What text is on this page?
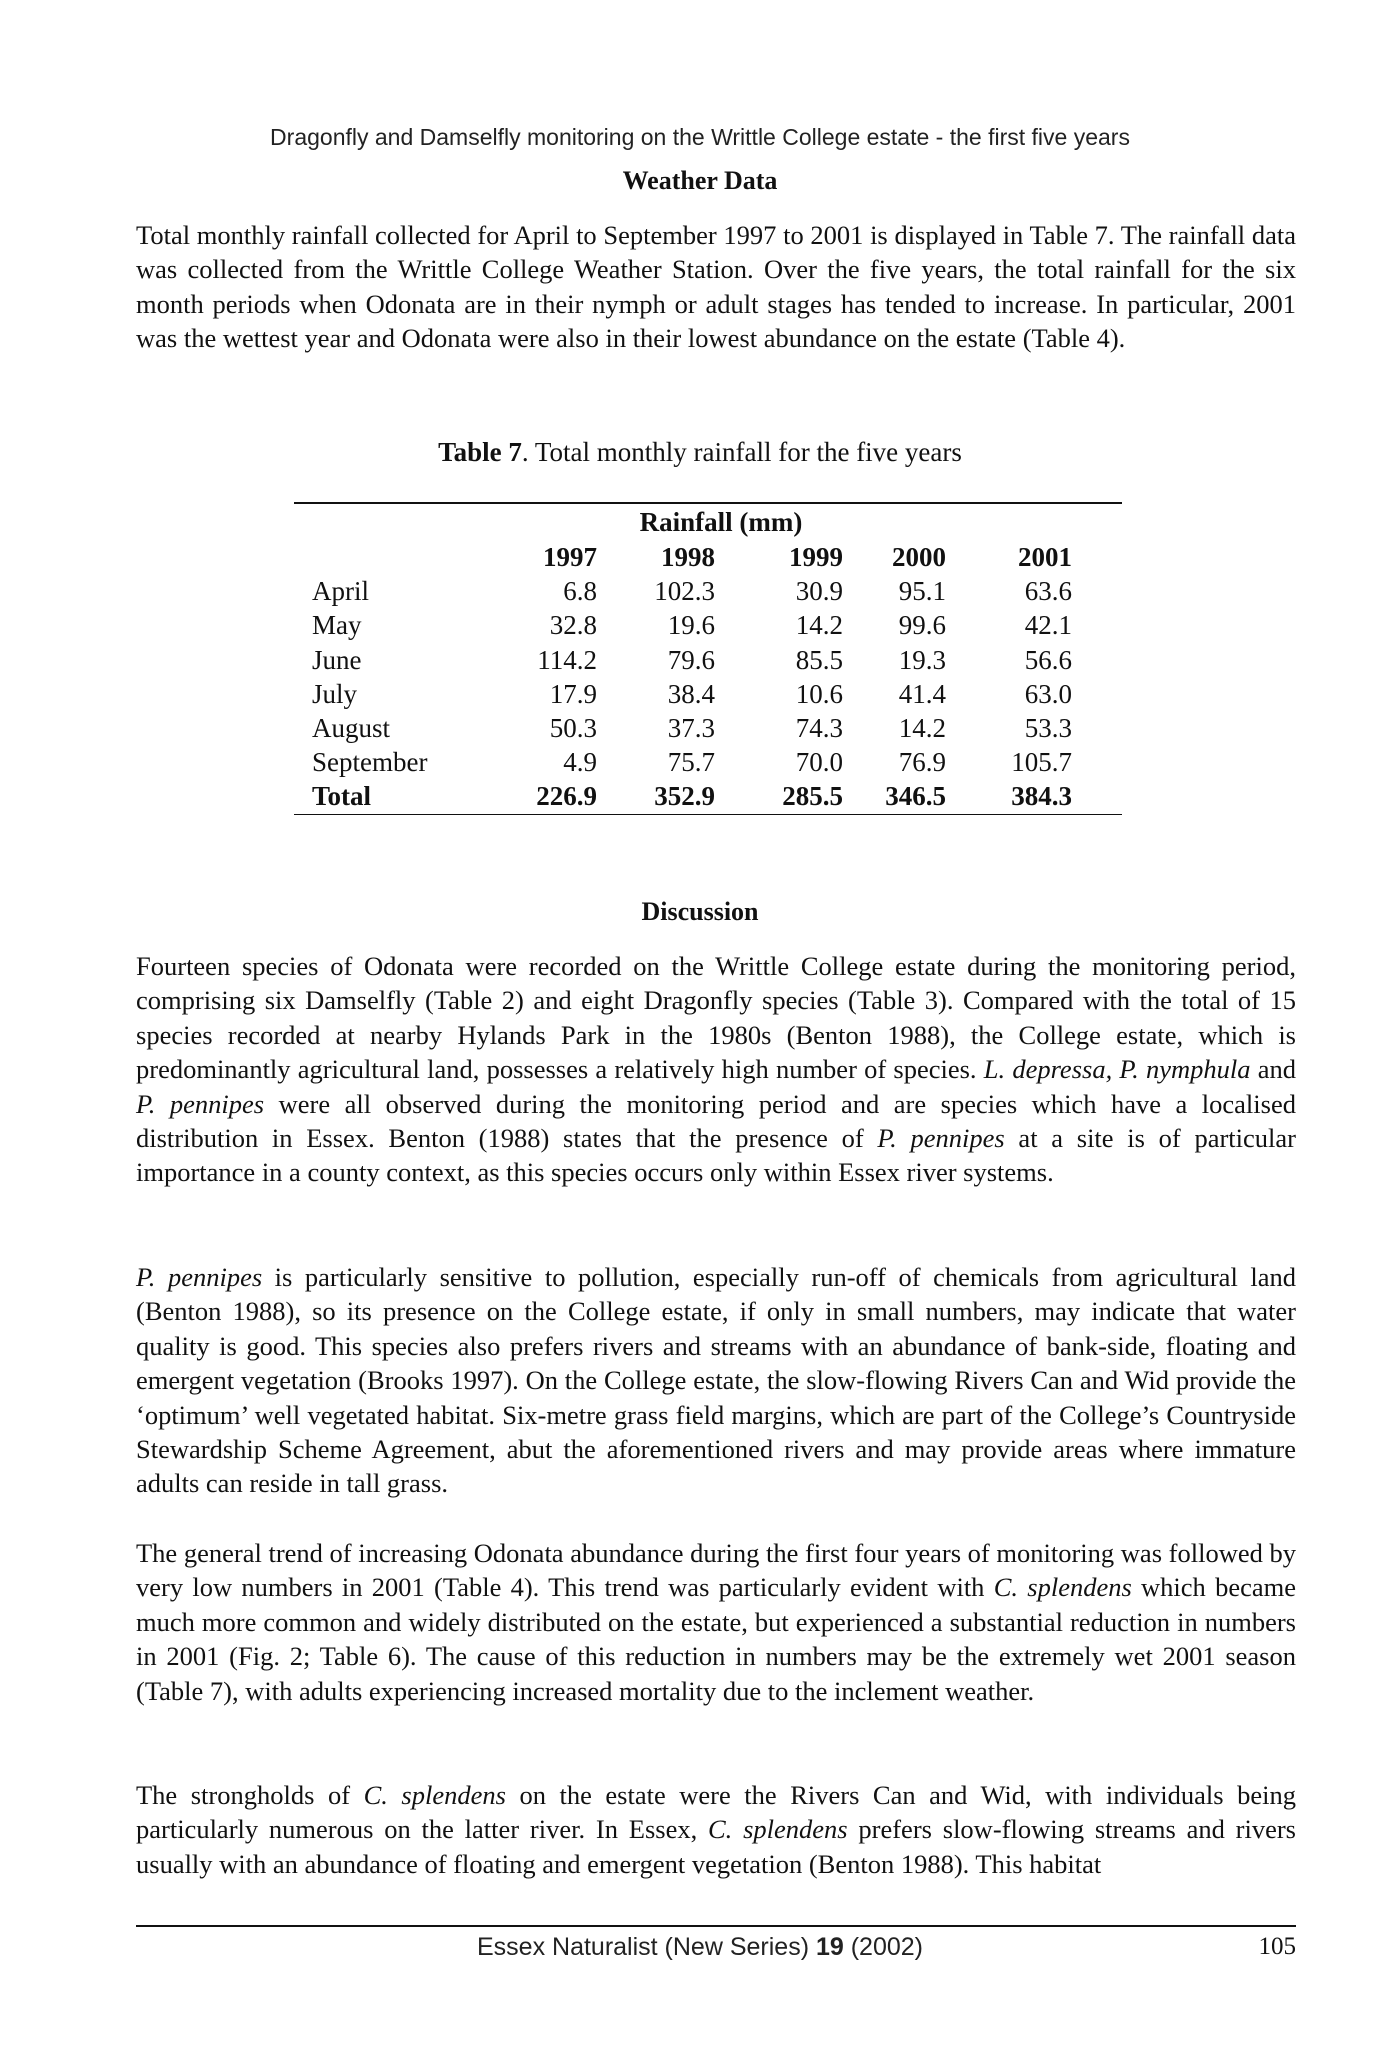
Dragonfly and Damselfly monitoring on the Writtle College estate - the first five years
Weather Data

Total monthly rainfall collected for April to September 1997 to 2001 is displayed in Table 7. The rainfall data was collected from the Writtle College Weather Station. Over the five years, the total rainfall for the six month periods when Odonata are in their nymph or adult stages has tended to increase. In particular, 2001 was the wettest year and Odonata were also in their lowest abundance on the estate (Table 4).

Table 7. Total monthly rainfall for the five years
Rainfall (mm)
1997	1998	1999	2000	2001
April	6.8	102.3	30.9	95.1	63.6
May	32.8	19.6	14.2	99.6	42.1
June	114.2	79.6	85.5	19.3	56.6
July	17.9	38.4	10.6	41.4	63.0
August	50.3	37.3	74.3	14.2	53.3
September	4.9	75.7	70.0	76.9	105.7
Total	226.9	352.9	285.5	346.5	384.3
Discussion

Fourteen species of Odonata were recorded on the Writtle College estate during the monitoring period, comprising six Damselfly (Table 2) and eight Dragonfly species (Table 3). Compared with the total of 15 species recorded at nearby Hylands Park in the 1980s (Benton 1988), the College estate, which is predominantly agricultural land, possesses a relatively high number of species. L. depressa, P. nymphula and P. pennipes were all observed during the monitoring period and are species which have a localised distribution in Essex. Benton (1988) states that the presence of P. pennipes at a site is of particular importance in a county context, as this species occurs only within Essex river systems.

P. pennipes is particularly sensitive to pollution, especially run-off of chemicals from agricultural land (Benton 1988), so its presence on the College estate, if only in small numbers, may indicate that water quality is good. This species also prefers rivers and streams with an abundance of bank-side, floating and emergent vegetation (Brooks 1997). On the College estate, the slow-flowing Rivers Can and Wid provide the ‘optimum’ well vegetated habitat. Six-metre grass field margins, which are part of the College’s Countryside Stewardship Scheme Agreement, abut the aforementioned rivers and may provide areas where immature adults can reside in tall grass.

The general trend of increasing Odonata abundance during the first four years of monitoring was followed by very low numbers in 2001 (Table 4). This trend was particularly evident with C. splendens which became much more common and widely distributed on the estate, but experienced a substantial reduction in numbers in 2001 (Fig. 2; Table 6). The cause of this reduction in numbers may be the extremely wet 2001 season (Table 7), with adults experiencing increased mortality due to the inclement weather.

The strongholds of C. splendens on the estate were the Rivers Can and Wid, with individuals being particularly numerous on the latter river. In Essex, C. splendens prefers slow-flowing streams and rivers usually with an abundance of floating and emergent vegetation (Benton 1988). This habitat

Essex Naturalist (New Series) 19 (2002)	105
